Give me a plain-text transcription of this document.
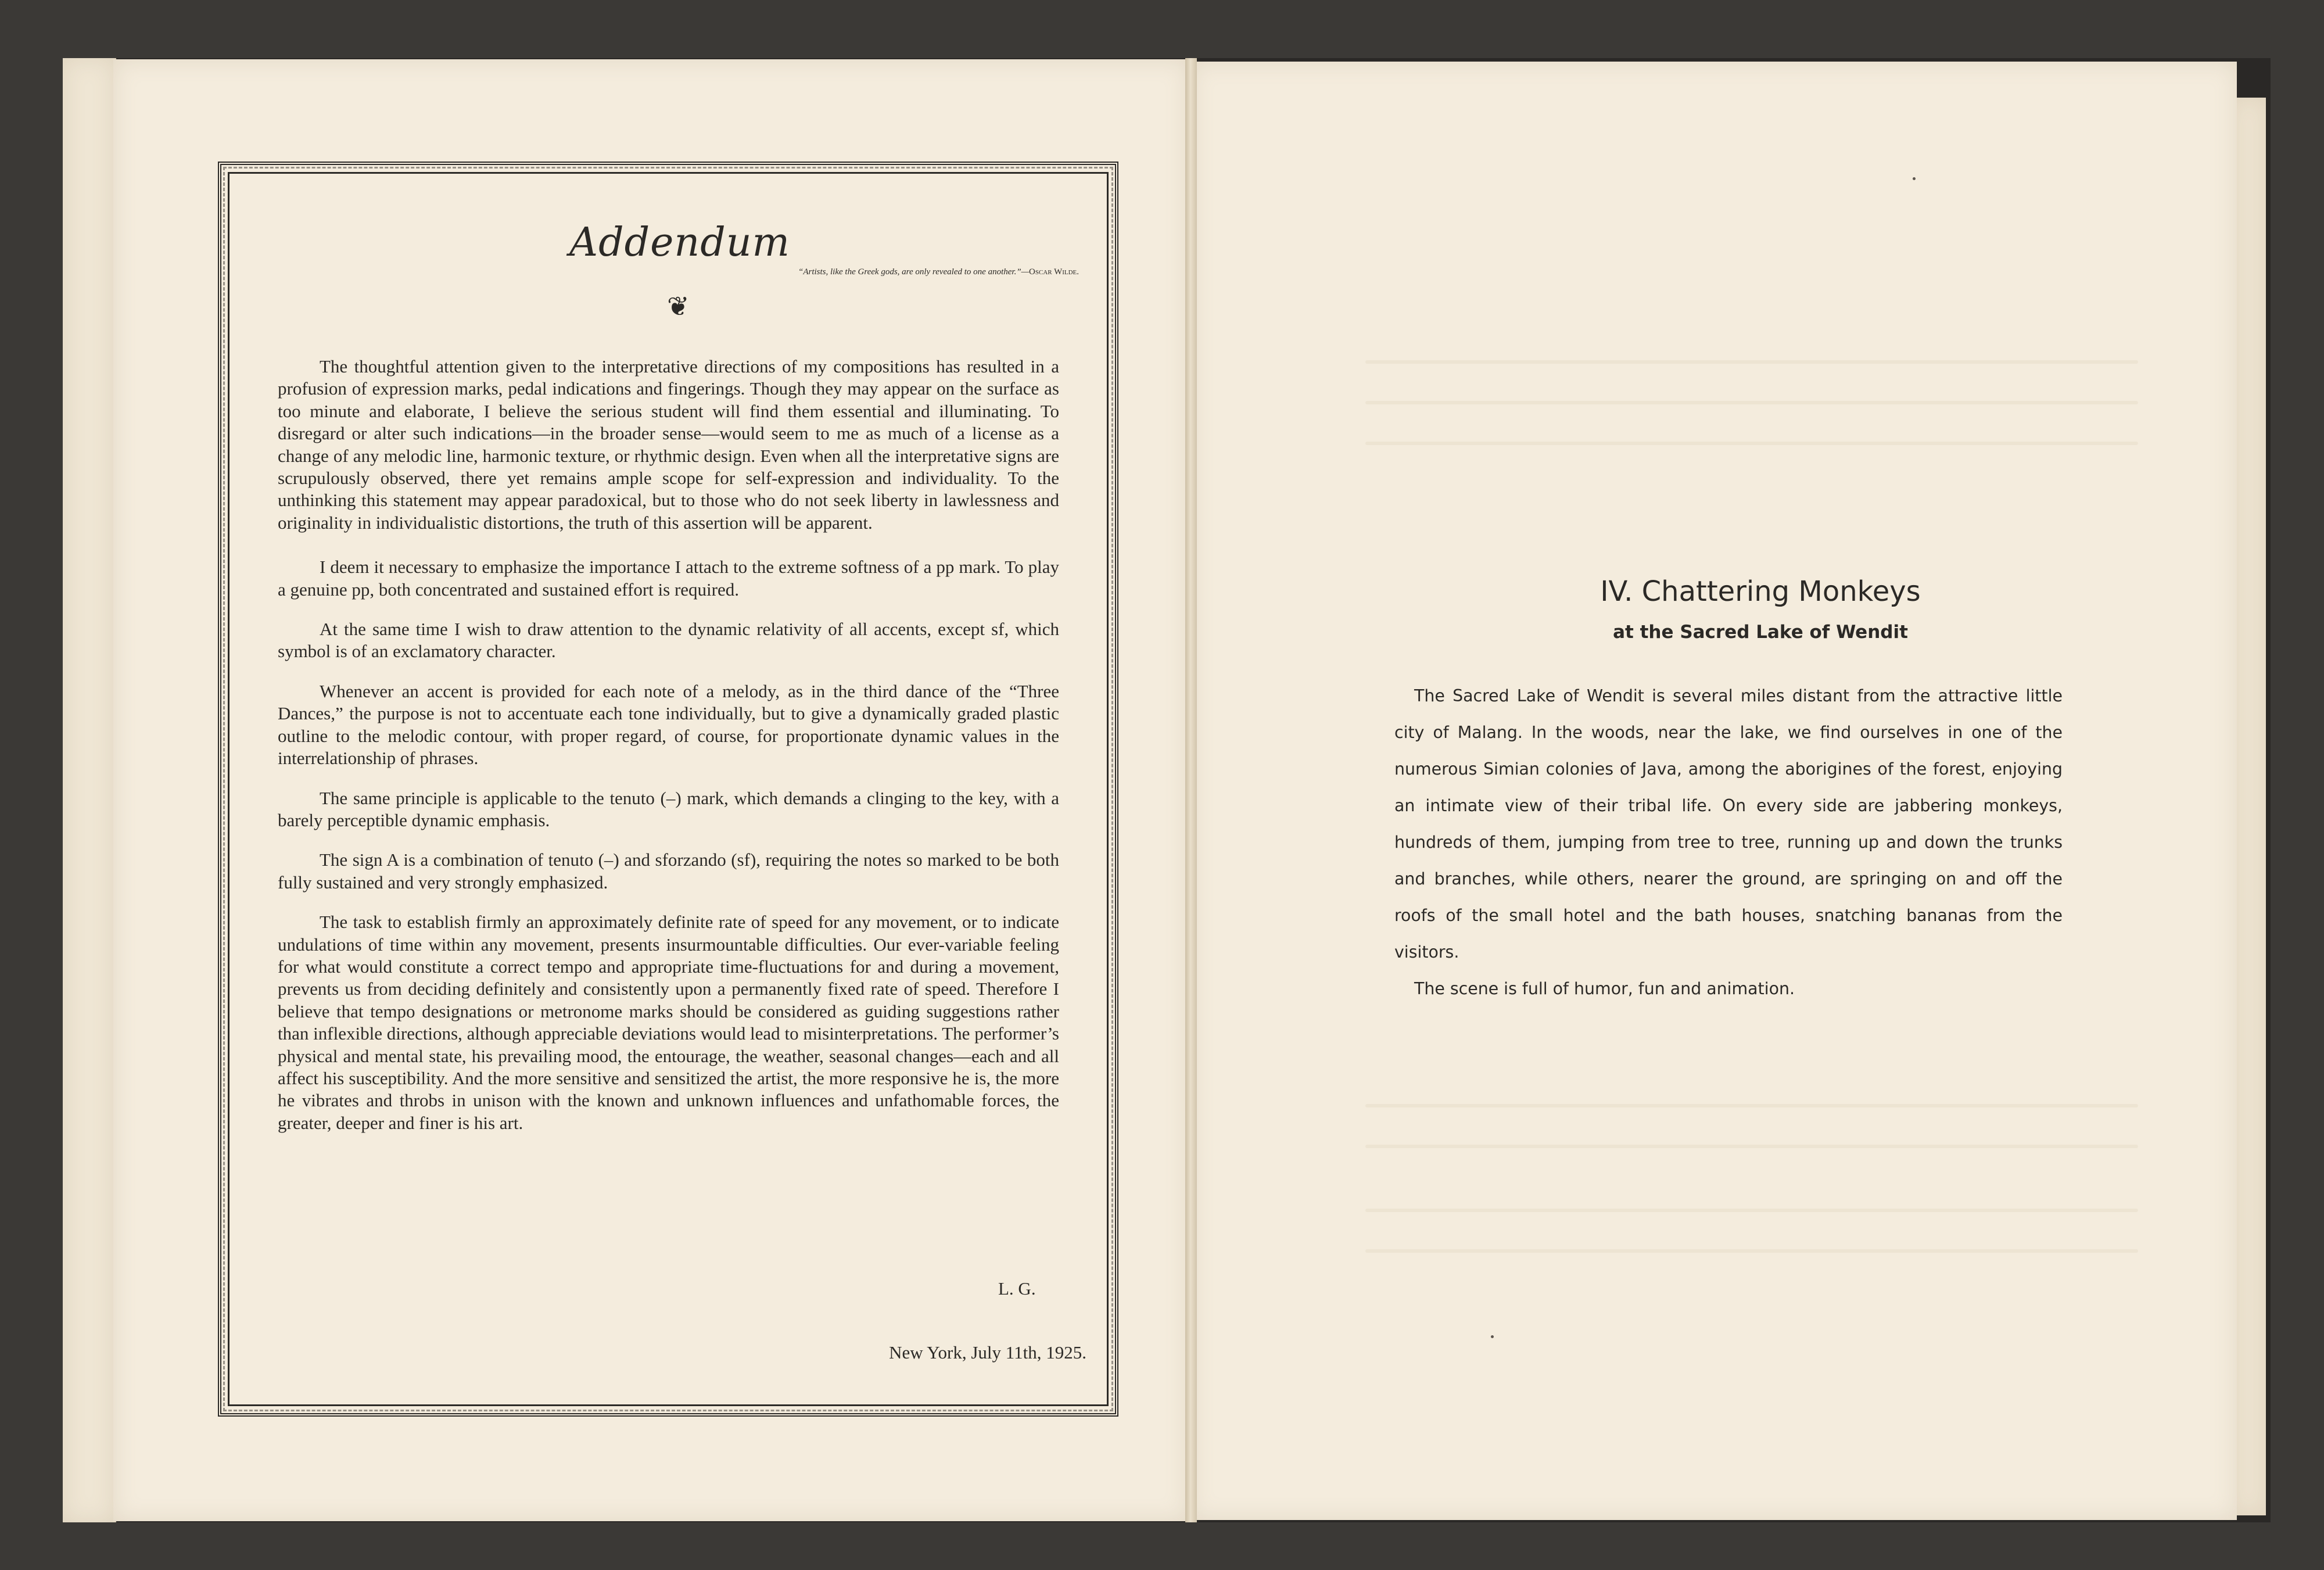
Addendum
❦
“Artists, like the Greek gods, are only revealed to one another.”—Oscar Wilde.

The thoughtful attention given to the interpretative directions of my compositions has resulted in a profusion of expression marks, pedal indications and fingerings. Though they may appear on the surface as too minute and elaborate, I believe the serious student will find them essential and illuminating. To disregard or alter such indications—in the broader sense—would seem to me as much of a license as a change of any melodic line, harmonic texture, or rhythmic design. Even when all the interpretative signs are scrupulously observed, there yet remains ample scope for self-expression and individuality. To the unthinking this statement may appear paradoxical, but to those who do not seek liberty in lawlessness and originality in individualistic distortions, the truth of this assertion will be apparent.

I deem it necessary to emphasize the importance I attach to the extreme softness of a pp mark. To play a genuine pp, both concentrated and sustained effort is required.

At the same time I wish to draw attention to the dynamic relativity of all accents, except sf, which symbol is of an exclamatory character.

Whenever an accent is provided for each note of a melody, as in the third dance of the “Three Dances,” the purpose is not to accentuate each tone individually, but to give a dynamically graded plastic outline to the melodic contour, with proper regard, of course, for proportionate dynamic values in the interrelationship of phrases.

The same principle is applicable to the tenuto (–) mark, which demands a clinging to the key, with a barely perceptible dynamic emphasis.

The sign A is a combination of tenuto (–) and sforzando (sf), requiring the notes so marked to be both fully sustained and very strongly emphasized.

The task to establish firmly an approximately definite rate of speed for any movement, or to indicate undulations of time within any movement, presents insurmountable difficulties. Our ever-variable feeling for what would constitute a correct tempo and appropriate time-fluctuations for and during a movement, prevents us from deciding definitely and consistently upon a permanently fixed rate of speed. Therefore I believe that tempo designations or metronome marks should be considered as guiding suggestions rather than inflexible directions, although appreciable deviations would lead to misinterpretations. The performer’s physical and mental state, his prevailing mood, the entourage, the weather, seasonal changes—each and all affect his susceptibility. And the more sensitive and sensitized the artist, the more responsive he is, the more he vibrates and throbs in unison with the known and unknown influences and unfathomable forces, the greater, deeper and finer is his art.

L. G.
New York, July 11th, 1925.
IV. Chattering Monkeys
at the Sacred Lake of Wendit

The Sacred Lake of Wendit is several miles distant from the attractive little city of Malang. In the woods, near the lake, we find ourselves in one of the numerous Simian colonies of Java, among the aborigines of the forest, enjoying an intimate view of their tribal life. On every side are jabbering monkeys, hundreds of them, jumping from tree to tree, running up and down the trunks and branches, while others, nearer the ground, are springing on and off the roofs of the small hotel and the bath houses, snatching bananas from the visitors.

The scene is full of humor, fun and animation.
